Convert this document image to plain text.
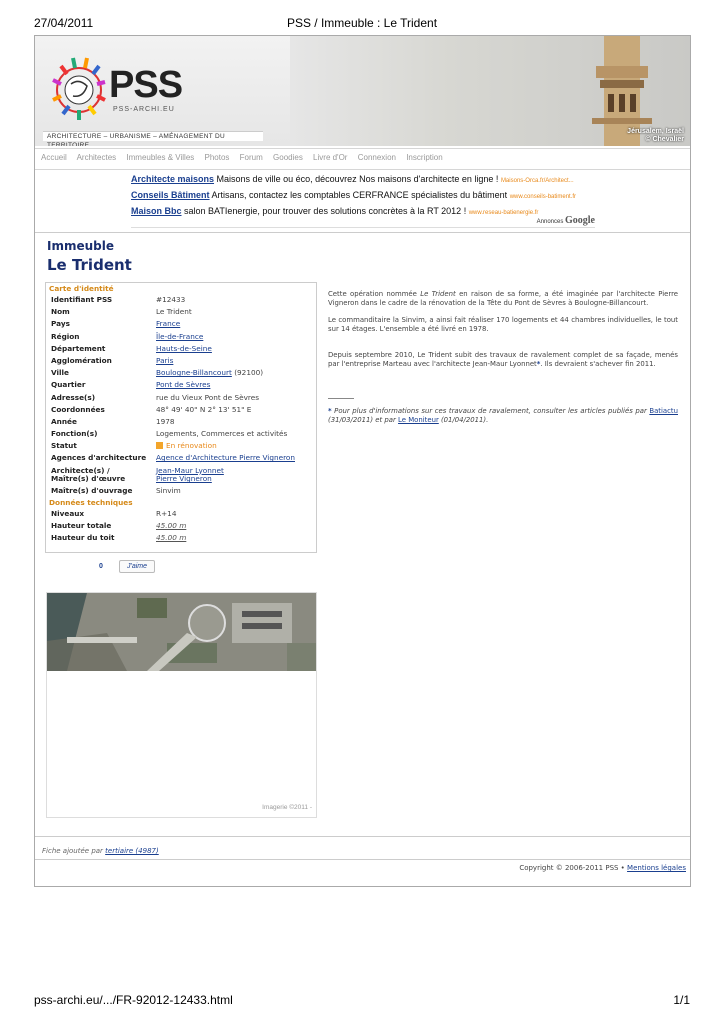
27/04/2011	PSS / Immeuble : Le Trident
Jérusalem, Israël
© Chevalier
PSS
PSS-ARCHI.EU
ARCHITECTURE – URBANISME – AMÉNAGEMENT DU TERRITOIRE
Accueil Architectes Immeubles & Villes Photos Forum Goodies Livre d'Or Connexion Inscription
Architecte maisons Maisons de ville ou éco, découvrez Nos maisons d'architecte en ligne ! Maisons-Orca.fr/Architect...
Conseils Bâtiment Artisans, contactez les comptables CERFRANCE spécialistes du bâtiment www.conseils-batiment.fr
Maison Bbc salon BATIenergie, pour trouver des solutions concrètes à la RT 2012 ! www.reseau-batienergie.fr
Annonces Google
Immeuble
Le Trident
Carte d'identité
Identifiant PSS	#12433
Nom	Le Trident
Pays	France
Région	Île-de-France
Département	Hauts-de-Seine
Agglomération	Paris
Ville	Boulogne-Billancourt (92100)
Quartier	Pont de Sèvres
Adresse(s)	rue du Vieux Pont de Sèvres
Coordonnées	48° 49' 40" N 2° 13' 51" E
Année	1978
Fonction(s)	Logements, Commerces et activités
Statut	En rénovation
Agences d'architecture	Agence d'Architecture Pierre Vigneron
Architecte(s) /
Maître(s) d'œuvre
Jean-Maur Lyonnet
Pierre Vigneron
Maître(s) d'ouvrage	Sinvim
Données techniques
Niveaux	R+14
Hauteur totale	45.00 m
Hauteur du toit	45.00 m
0	J'aime
Imagerie ©2011 -

Cette opération nommée Le Trident en raison de sa forme, a été imaginée par l'architecte Pierre Vigneron dans le cadre de la rénovation de la Tête du Pont de Sèvres à Boulogne-Billancourt.

Le commanditaire la Sinvim, a ainsi fait réaliser 170 logements et 44 chambres individuelles, le tout sur 14 étages. L'ensemble a été livré en 1978.

Depuis septembre 2010, Le Trident subit des travaux de ravalement complet de sa façade, menés par l'entreprise Marteau avec l'architecte Jean-Maur Lyonnet*. Ils devraient s'achever fin 2011.

* Pour plus d'informations sur ces travaux de ravalement, consulter les articles publiés par Batiactu (31/03/2011) et par Le Moniteur (01/04/2011).

Fiche ajoutée par tertiaire (4987)
Copyright © 2006-2011 PSS • Mentions légales
pss-archi.eu/.../FR-92012-12433.html	1/1
